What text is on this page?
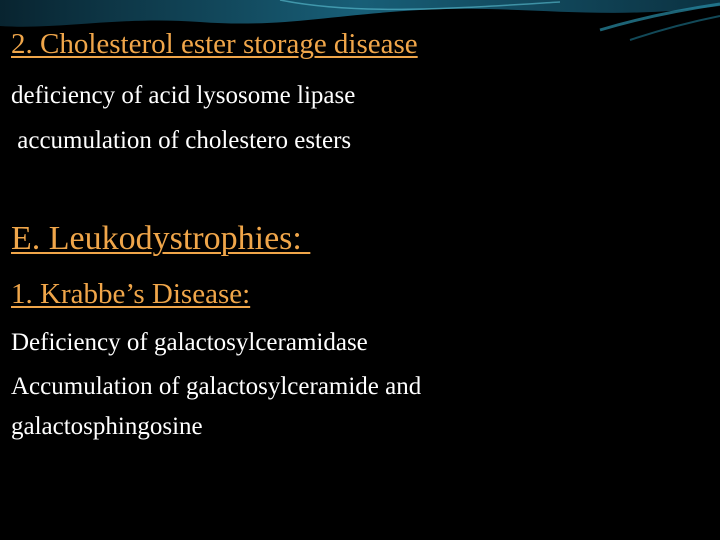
2. Cholesterol ester storage disease
deficiency of acid lysosome lipase
accumulation of cholestero esters
E. Leukodystrophies:
1. Krabbe’s Disease:
Deficiency of galactosylceramidase
Accumulation of galactosylceramide and
galactosphingosine
